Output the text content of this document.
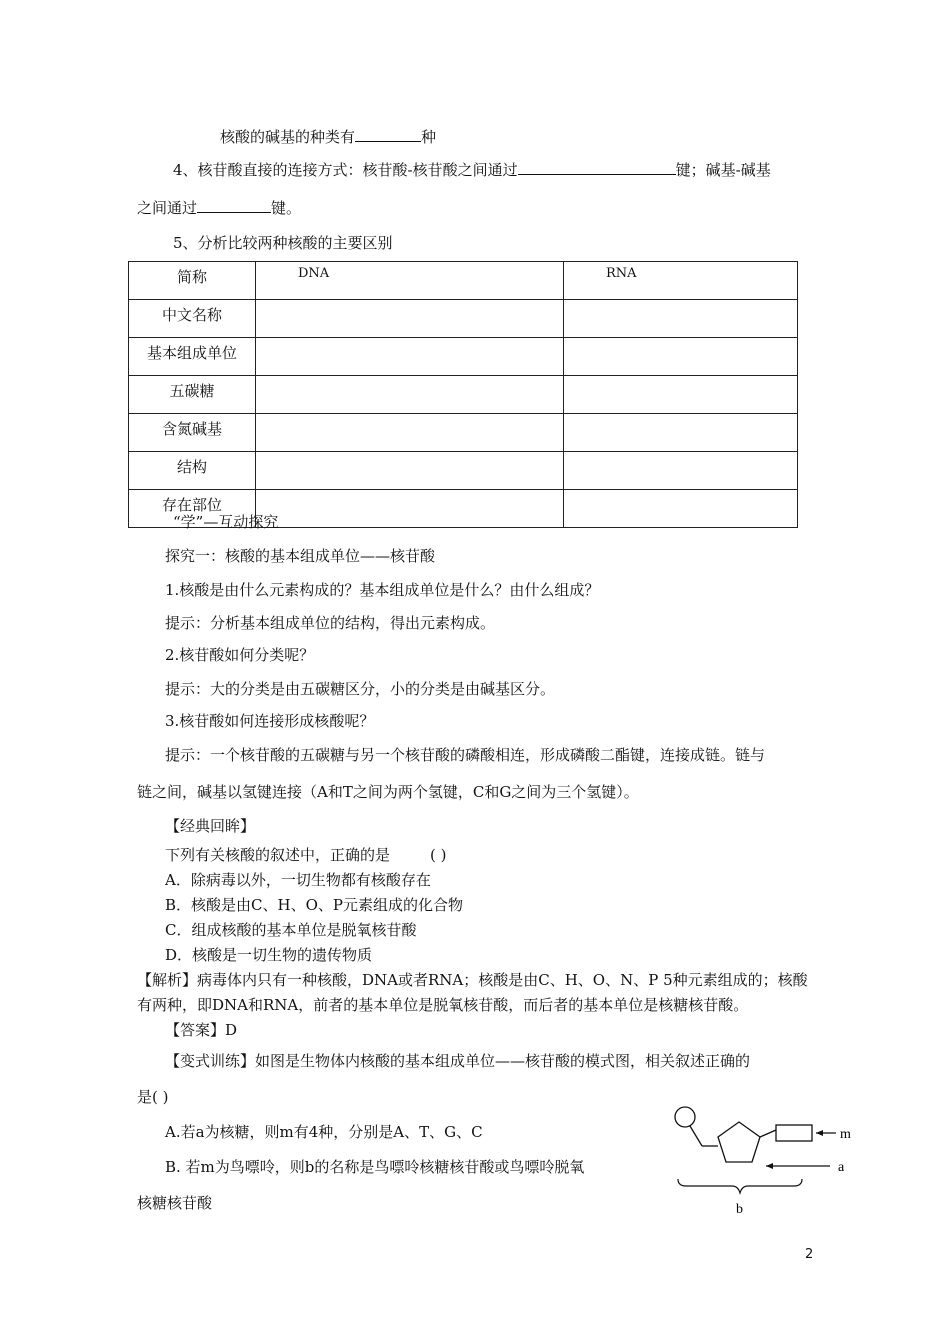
核酸的碱基的种类有	种
4、核苷酸直接的连接方式：核苷酸-核苷酸之间通过	键；碱基-碱基
之间通过	键。
5、分析比较两种核酸的主要区别
简称	DNA	RNA
中文名称		
基本组成单位		
五碳糖		
含氮碱基		
结构		
存在部位		
“学”—互动探究
探究一：核酸的基本组成单位——核苷酸
1.核酸是由什么元素构成的？基本组成单位是什么？由什么组成？
提示：分析基本组成单位的结构，得出元素构成。
2.核苷酸如何分类呢？
提示：大的分类是由五碳糖区分，小的分类是由碱基区分。
3.核苷酸如何连接形成核酸呢？
提示：一个核苷酸的五碳糖与另一个核苷酸的磷酸相连，形成磷酸二酯键，连接成链。链与
链之间，碱基以氢键连接（A和T之间为两个氢键，C和G之间为三个氢键）。
【经典回眸】
下列有关核酸的叙述中，正确的是	( )
A．除病毒以外，一切生物都有核酸存在
B．核酸是由C、H、O、P元素组成的化合物
C．组成核酸的基本单位是脱氧核苷酸
D．核酸是一切生物的遗传物质
【解析】病毒体内只有一种核酸，DNA或者RNA；核酸是由C、H、O、N、P 5种元素组成的；核酸
有两种，即DNA和RNA，前者的基本单位是脱氧核苷酸，而后者的基本单位是核糖核苷酸。
【答案】D
【变式训练】如图是生物体内核酸的基本组成单位——核苷酸的模式图，相关叙述正确的
是( )
A.若a为核糖，则m有4种，分别是A、T、G、C
B. 若m为鸟嘌呤，则b的名称是鸟嘌呤核糖核苷酸或鸟嘌呤脱氧
核糖核苷酸
m
a
b
2
